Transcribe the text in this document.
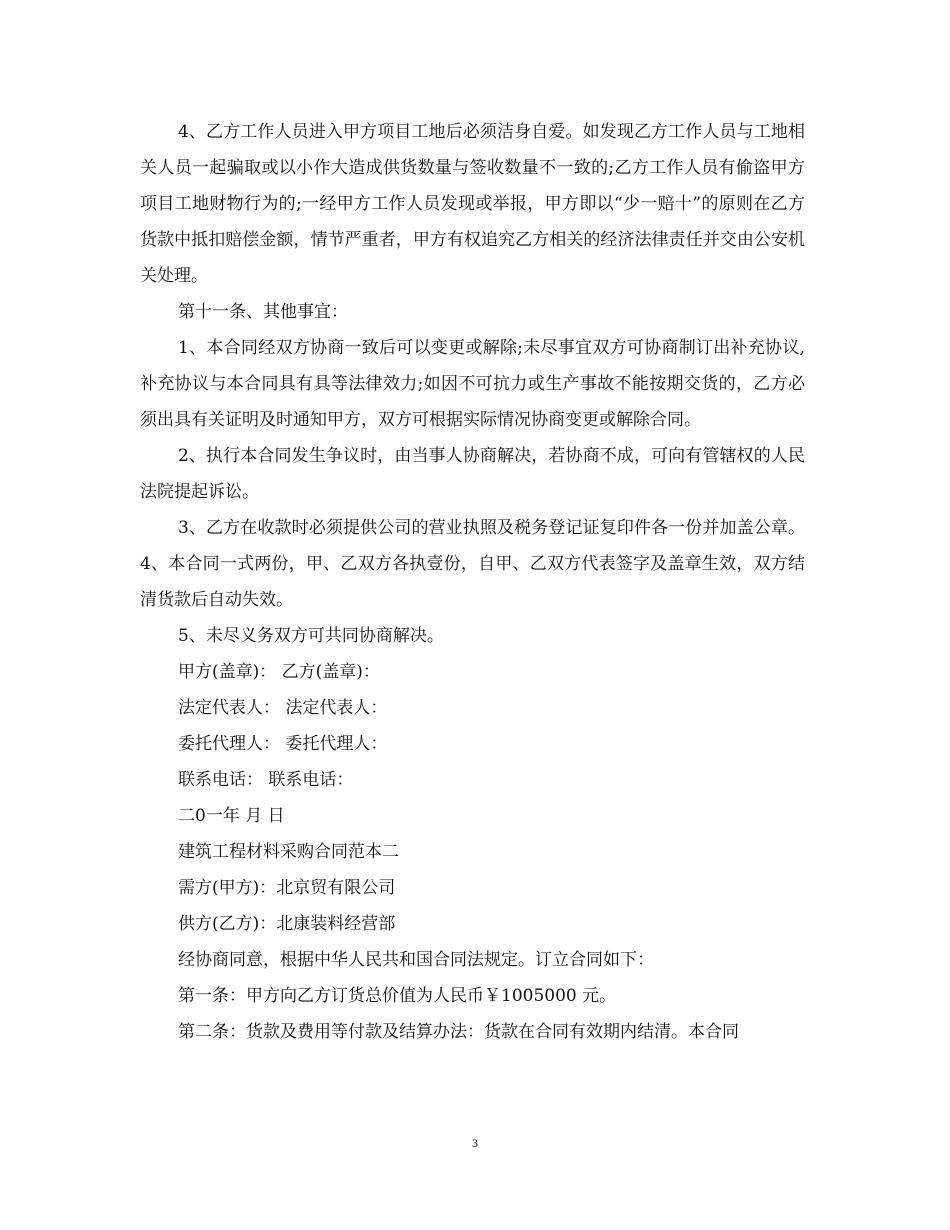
4、乙方工作人员进入甲方项目工地后必须洁身自爱。如发现乙方工作人员与工地相关人员一起骗取或以小作大造成供货数量与签收数量不一致的;乙方工作人员有偷盗甲方项目工地财物行为的;一经甲方工作人员发现或举报，甲方即以“少一赔十”的原则在乙方货款中抵扣赔偿金额，情节严重者，甲方有权追究乙方相关的经济法律责任并交由公安机关处理。

第十一条、其他事宜：

1、本合同经双方协商一致后可以变更或解除;未尽事宜双方可协商制订出补充协议,补充协议与本合同具有具等法律效力;如因不可抗力或生产事故不能按期交货的，乙方必须出具有关证明及时通知甲方，双方可根据实际情况协商变更或解除合同。

2、执行本合同发生争议时，由当事人协商解决，若协商不成，可向有管辖权的人民法院提起诉讼。

3、乙方在收款时必须提供公司的营业执照及税务登记证复印件各一份并加盖公章。 4、本合同一式两份，甲、乙双方各执壹份，自甲、乙双方代表签字及盖章生效，双方结清货款后自动失效。

5、未尽义务双方可共同协商解决。

甲方(盖章)： 乙方(盖章)：

法定代表人： 法定代表人：

委托代理人： 委托代理人：

联系电话： 联系电话：

二0一年 月 日

建筑工程材料采购合同范本二

需方(甲方)：北京贸有限公司

供方(乙方)：北康装料经营部

经协商同意，根据中华人民共和国合同法规定。订立合同如下：

第一条：甲方向乙方订货总价值为人民币￥1005000 元。

第二条：货款及费用等付款及结算办法：货款在合同有效期内结清。本合同

3
